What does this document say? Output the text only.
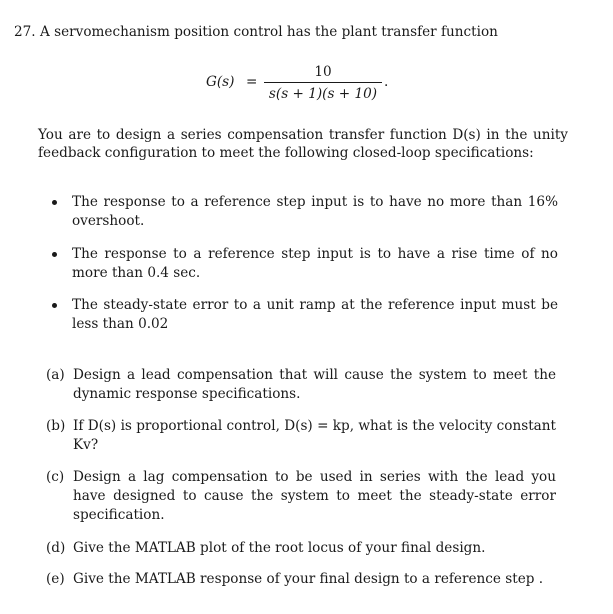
27. A servomechanism position control has the plant transfer function
G(s) =
10
s(s + 1)(s + 10)
.
You are to design a series compensation transfer function D(s) in the unity feedback configuration to meet the following closed-loop specifications:
The response to a reference step input is to have no more than 16% overshoot.
The response to a reference step input is to have a rise time of no more than 0.4 sec.
The steady-state error to a unit ramp at the reference input must be less than 0.02
(a) Design a lead compensation that will cause the system to meet the dynamic response specifications.
(b) If D(s) is proportional control, D(s) = kp, what is the velocity constant Kv?
(c) Design a lag compensation to be used in series with the lead you have designed to cause the system to meet the steady-state error specification.
(d) Give the MATLAB plot of the root locus of your final design.
(e) Give the MATLAB response of your final design to a reference step .
